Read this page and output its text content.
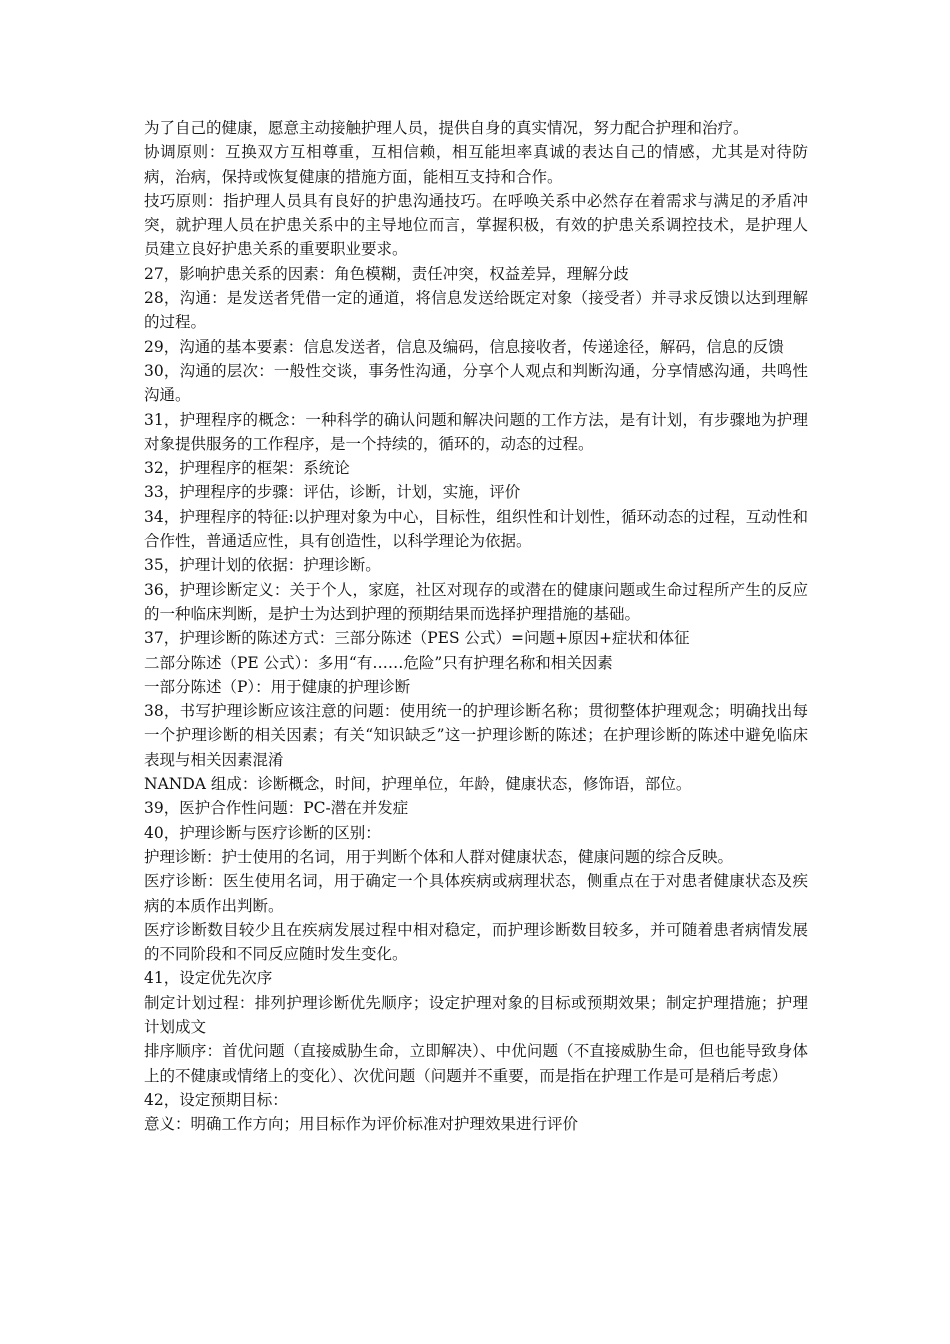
为了自己的健康，愿意主动接触护理人员，提供自身的真实情况，努力配合护理和治疗。

协调原则：互换双方互相尊重，互相信赖，相互能坦率真诚的表达自己的情感，尤其是对待防病，治病，保持或恢复健康的措施方面，能相互支持和合作。

技巧原则：指护理人员具有良好的护患沟通技巧。在呼唤关系中必然存在着需求与满足的矛盾冲突，就护理人员在护患关系中的主导地位而言，掌握积极，有效的护患关系调控技术，是护理人员建立良好护患关系的重要职业要求。

27，影响护患关系的因素：角色模糊，责任冲突，权益差异，理解分歧

28，沟通：是发送者凭借一定的通道，将信息发送给既定对象（接受者）并寻求反馈以达到理解的过程。

29，沟通的基本要素：信息发送者，信息及编码，信息接收者，传递途径，解码，信息的反馈

30，沟通的层次：一般性交谈，事务性沟通，分享个人观点和判断沟通，分享情感沟通，共鸣性沟通。

31，护理程序的概念：一种科学的确认问题和解决问题的工作方法，是有计划，有步骤地为护理对象提供服务的工作程序，是一个持续的，循环的，动态的过程。

32，护理程序的框架：系统论

33，护理程序的步骤：评估，诊断，计划，实施，评价

34，护理程序的特征:以护理对象为中心，目标性，组织性和计划性，循环动态的过程，互动性和合作性，普通适应性，具有创造性，以科学理论为依据。

35，护理计划的依据：护理诊断。

36，护理诊断定义：关于个人，家庭，社区对现存的或潜在的健康问题或生命过程所产生的反应的一种临床判断，是护士为达到护理的预期结果而选择护理措施的基础。

37，护理诊断的陈述方式：三部分陈述（PES 公式）=问题+原因+症状和体征

二部分陈述（PE 公式）：多用“有……危险”只有护理名称和相关因素

一部分陈述（P）：用于健康的护理诊断

38，书写护理诊断应该注意的问题：使用统一的护理诊断名称；贯彻整体护理观念；明确找出每一个护理诊断的相关因素；有关“知识缺乏”这一护理诊断的陈述；在护理诊断的陈述中避免临床表现与相关因素混淆

NANDA 组成：诊断概念，时间，护理单位，年龄，健康状态，修饰语，部位。

39，医护合作性问题：PC-潜在并发症

40，护理诊断与医疗诊断的区别：

护理诊断：护士使用的名词，用于判断个体和人群对健康状态，健康问题的综合反映。

医疗诊断：医生使用名词，用于确定一个具体疾病或病理状态，侧重点在于对患者健康状态及疾病的本质作出判断。

医疗诊断数目较少且在疾病发展过程中相对稳定，而护理诊断数目较多，并可随着患者病情发展的不同阶段和不同反应随时发生变化。

41，设定优先次序

制定计划过程：排列护理诊断优先顺序；设定护理对象的目标或预期效果；制定护理措施；护理计划成文

排序顺序：首优问题（直接威胁生命，立即解决）、中优问题（不直接威胁生命，但也能导致身体上的不健康或情绪上的变化）、次优问题（问题并不重要，而是指在护理工作是可是稍后考虑）

42，设定预期目标：

意义：明确工作方向；用目标作为评价标准对护理效果进行评价
